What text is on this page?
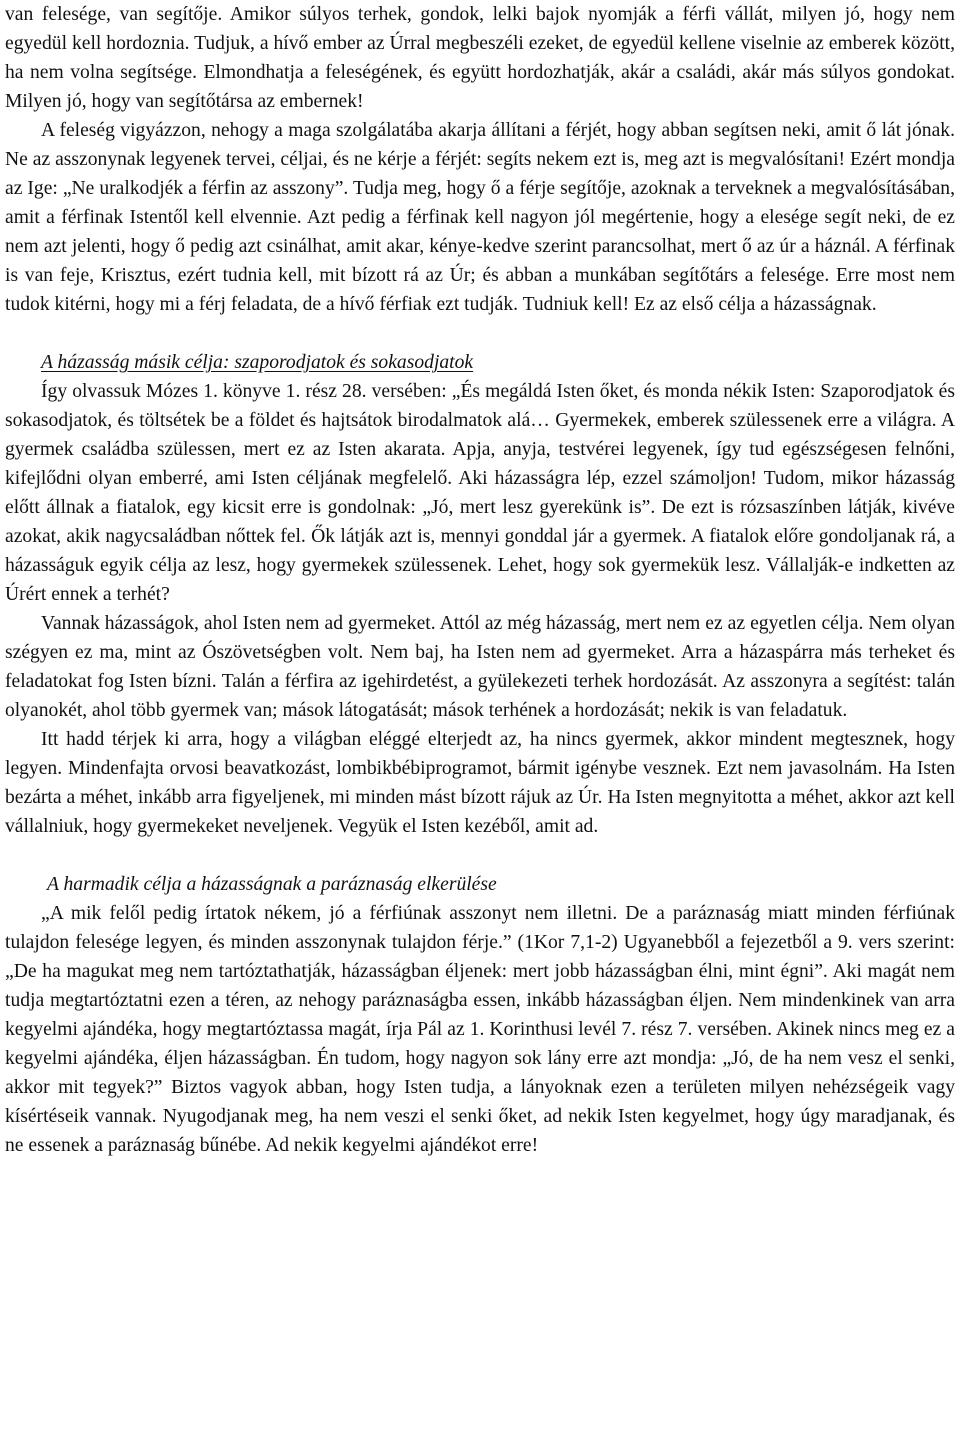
van felesége, van segítője. Amikor súlyos terhek, gondok, lelki bajok nyomják a férfi vállát, milyen jó, hogy nem egyedül kell hordoznia. Tudjuk, a hívő ember az Úrral megbeszéli ezeket, de egyedül kellene viselnie az emberek között, ha nem volna segítsége. Elmondhatja a feleségének, és együtt hordozhatják, akár a családi, akár más súlyos gondokat. Milyen jó, hogy van segítőtársa az embernek!

A feleség vigyázzon, nehogy a maga szolgálatába akarja állítani a férjét, hogy abban segítsen neki, amit ő lát jónak. Ne az asszonynak legyenek tervei, céljai, és ne kérje a férjét: segíts nekem ezt is, meg azt is megvalósítani! Ezért mondja az Ige: „Ne uralkodjék a férfin az asszony”. Tudja meg, hogy ő a férje segítője, azoknak a terveknek a megvalósításában, amit a férfinak Istentől kell elvennie. Azt pedig a férfinak kell nagyon jól megértenie, hogy a elesége segít neki, de ez nem azt jelenti, hogy ő pedig azt csinálhat, amit akar, kénye-kedve szerint parancsolhat, mert ő az úr a háznál. A férfinak is van feje, Krisztus, ezért tudnia kell, mit bízott rá az Úr; és abban a munkában segítőtárs a felesége. Erre most nem tudok kitérni, hogy mi a férj feladata, de a hívő férfiak ezt tudják. Tudniuk kell! Ez az első célja a házasságnak.

A házasság másik célja: szaporodjatok és sokasodjatok

Így olvassuk Mózes 1. könyve 1. rész 28. versében: „És megáldá Isten őket, és monda nékik Isten: Szaporodjatok és sokasodjatok, és töltsétek be a földet és hajtsátok birodalmatok alá… Gyermekek, emberek szülessenek erre a világra. A gyermek családba szülessen, mert ez az Isten akarata. Apja, anyja, testvérei legyenek, így tud egészségesen felnőni, kifejlődni olyan emberré, ami Isten céljának megfelelő. Aki házasságra lép, ezzel számoljon! Tudom, mikor házasság előtt állnak a fiatalok, egy kicsit erre is gondolnak: „Jó, mert lesz gyerekünk is”. De ezt is rózsaszínben látják, kivéve azokat, akik nagycsaládban nőttek fel. Ők látják azt is, mennyi gonddal jár a gyermek. A fiatalok előre gondoljanak rá, a házasságuk egyik célja az lesz, hogy gyermekek szülessenek. Lehet, hogy sok gyermekük lesz. Vállalják-e indketten az Úrért ennek a terhét?

Vannak házasságok, ahol Isten nem ad gyermeket. Attól az még házasság, mert nem ez az egyetlen célja. Nem olyan szégyen ez ma, mint az Ószövetségben volt. Nem baj, ha Isten nem ad gyermeket. Arra a házaspárra más terheket és feladatokat fog Isten bízni. Talán a férfira az igehirdetést, a gyülekezeti terhek hordozását. Az asszonyra a segítést: talán olyanokét, ahol több gyermek van; mások látogatását; mások terhének a hordozását; nekik is van feladatuk.

Itt hadd térjek ki arra, hogy a világban eléggé elterjedt az, ha nincs gyermek, akkor mindent megtesznek, hogy legyen. Mindenfajta orvosi beavatkozást, lombikbébiprogramot, bármit igénybe vesznek. Ezt nem javasolnám. Ha Isten bezárta a méhet, inkább arra figyeljenek, mi minden mást bízott rájuk az Úr. Ha Isten megnyitotta a méhet, akkor azt kell vállalniuk, hogy gyermekeket neveljenek. Vegyük el Isten kezéből, amit ad.

A harmadik célja a házasságnak a paráznaság elkerülése

„A mik felől pedig írtatok nékem, jó a férfiúnak asszonyt nem illetni. De a paráznaság miatt minden férfiúnak tulajdon felesége legyen, és minden asszonynak tulajdon férje.” (1Kor 7,1-2) Ugyanebből a fejezetből a 9. vers szerint: „De ha magukat meg nem tartóztathatják, házasságban éljenek: mert jobb házasságban élni, mint égni”. Aki magát nem tudja megtartóztatni ezen a téren, az nehogy paráznaságba essen, inkább házasságban éljen. Nem mindenkinek van arra kegyelmi ajándéka, hogy megtartóztassa magát, írja Pál az 1. Korinthusi levél 7. rész 7. versében. Akinek nincs meg ez a kegyelmi ajándéka, éljen házasságban. Én tudom, hogy nagyon sok lány erre azt mondja: „Jó, de ha nem vesz el senki, akkor mit tegyek?” Biztos vagyok abban, hogy Isten tudja, a lányoknak ezen a területen milyen nehézségeik vagy kísértéseik vannak. Nyugodjanak meg, ha nem veszi el senki őket, ad nekik Isten kegyelmet, hogy úgy maradjanak, és ne essenek a paráznaság bűnébe. Ad nekik kegyelmi ajándékot erre!
